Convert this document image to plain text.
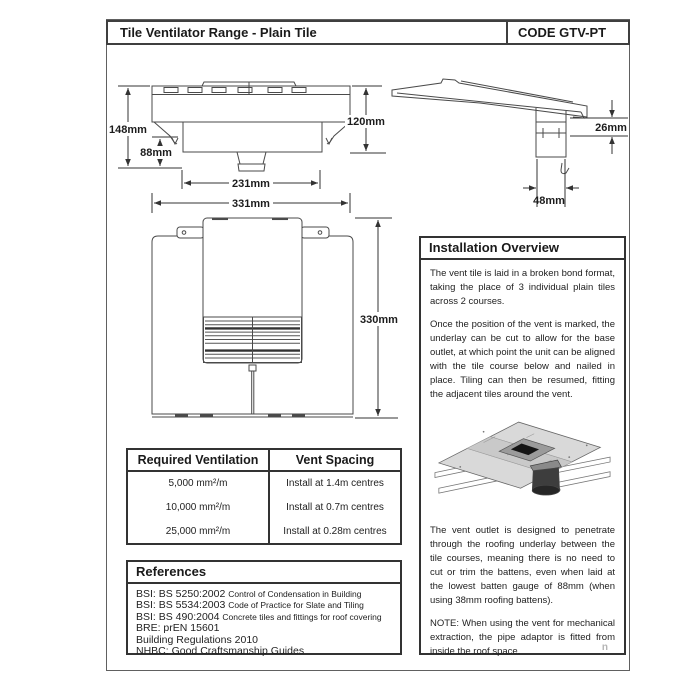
Tile Ventilator Range - Plain Tile	CODE GTV-PT
148mm
88mm
120mm
231mm
331mm
26mm
48mm
330mm
Required Ventilation	Vent Spacing
5,000 mm²/m	Install at 1.4m centres
10,000 mm²/m	Install at 0.7m centres
25,000 mm²/m	Install at 0.28m centres
References
BSI: BS 5250:2002 Control of Condensation in Building
BSI: BS 5534:2003 Code of Practice for Slate and Tiling
BSI: BS 490:2004 Concrete tiles and fittings for roof covering
BRE: prEN 15601
Building Regulations 2010
NHBC: Good Craftsmanship Guides
Installation Overview

The vent tile is laid in a broken bond format, taking the place of 3 individual plain tiles across 2 courses.

Once the position of the vent is marked, the underlay can be cut to allow for the base outlet, at which point the unit can be aligned with the tile course below and nailed in place. Tiling can then be resumed, fitting the adjacent tiles around the vent.

The vent outlet is designed to penetrate through the roofing underlay between the tile courses, meaning there is no need to cut or trim the battens, even when laid at the lowest batten gauge of 88mm (when using 38mm roofing battens).

NOTE: When using the vent for mechanical extraction, the pipe adaptor is fitted from inside the roof space.	n
